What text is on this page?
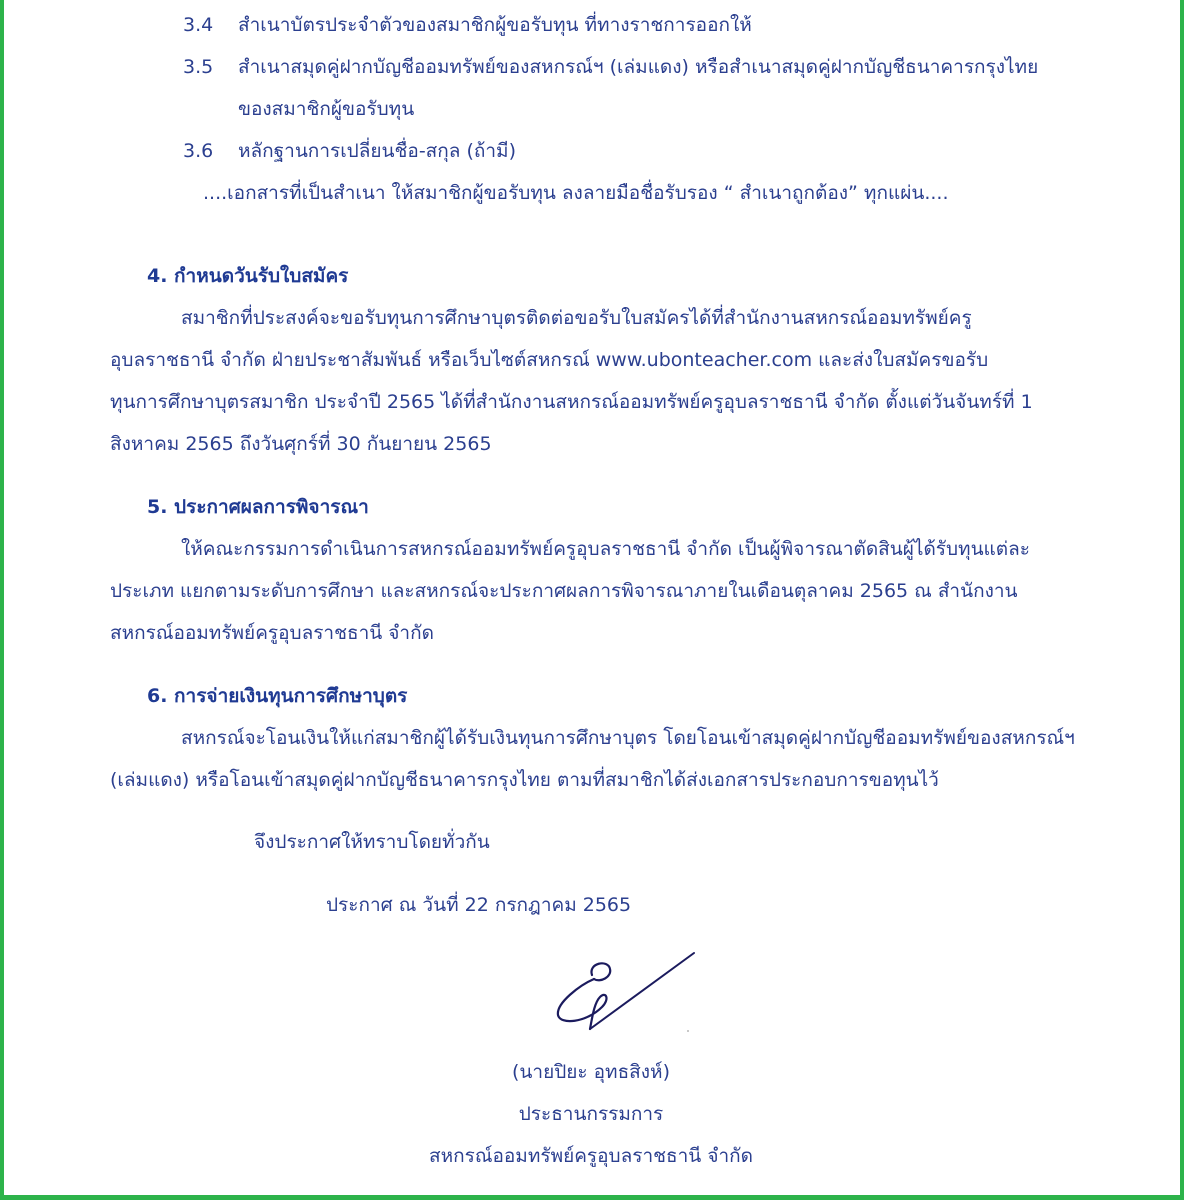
3.4 สำเนาบัตรประจำตัวของสมาชิกผู้ขอรับทุน ที่ทางราชการออกให้
3.5 สำเนาสมุดคู่ฝากบัญชีออมทรัพย์ของสหกรณ์ฯ (เล่มแดง) หรือสำเนาสมุดคู่ฝากบัญชีธนาคารกรุงไทย
ของสมาชิกผู้ขอรับทุน
3.6 หลักฐานการเปลี่ยนชื่อ-สกุล (ถ้ามี)
....เอกสารที่เป็นสำเนา ให้สมาชิกผู้ขอรับทุน ลงลายมือชื่อรับรอง “ สำเนาถูกต้อง” ทุกแผ่น....
4. กำหนดวันรับใบสมัคร
สมาชิกที่ประสงค์จะขอรับทุนการศึกษาบุตรติดต่อขอรับใบสมัครได้ที่สำนักงานสหกรณ์ออมทรัพย์ครู
อุบลราชธานี จำกัด ฝ่ายประชาสัมพันธ์ หรือเว็บไซต์สหกรณ์ www.ubonteacher.com และส่งใบสมัครขอรับ
ทุนการศึกษาบุตรสมาชิก ประจำปี 2565 ได้ที่สำนักงานสหกรณ์ออมทรัพย์ครูอุบลราชธานี จำกัด ตั้งแต่วันจันทร์ที่ 1
สิงหาคม 2565 ถึงวันศุกร์ที่ 30 กันยายน 2565
5. ประกาศผลการพิจารณา
ให้คณะกรรมการดำเนินการสหกรณ์ออมทรัพย์ครูอุบลราชธานี จำกัด เป็นผู้พิจารณาตัดสินผู้ได้รับทุนแต่ละ
ประเภท แยกตามระดับการศึกษา และสหกรณ์จะประกาศผลการพิจารณาภายในเดือนตุลาคม 2565 ณ สำนักงาน
สหกรณ์ออมทรัพย์ครูอุบลราชธานี จำกัด
6. การจ่ายเงินทุนการศึกษาบุตร
สหกรณ์จะโอนเงินให้แก่สมาชิกผู้ได้รับเงินทุนการศึกษาบุตร โดยโอนเข้าสมุดคู่ฝากบัญชีออมทรัพย์ของสหกรณ์ฯ
(เล่มแดง) หรือโอนเข้าสมุดคู่ฝากบัญชีธนาคารกรุงไทย ตามที่สมาชิกได้ส่งเอกสารประกอบการขอทุนไว้
จึงประกาศให้ทราบโดยทั่วกัน
ประกาศ ณ วันที่ 22 กรกฎาคม 2565
(นายปิยะ อุทธสิงห์)
ประธานกรรมการ
สหกรณ์ออมทรัพย์ครูอุบลราชธานี จำกัด
